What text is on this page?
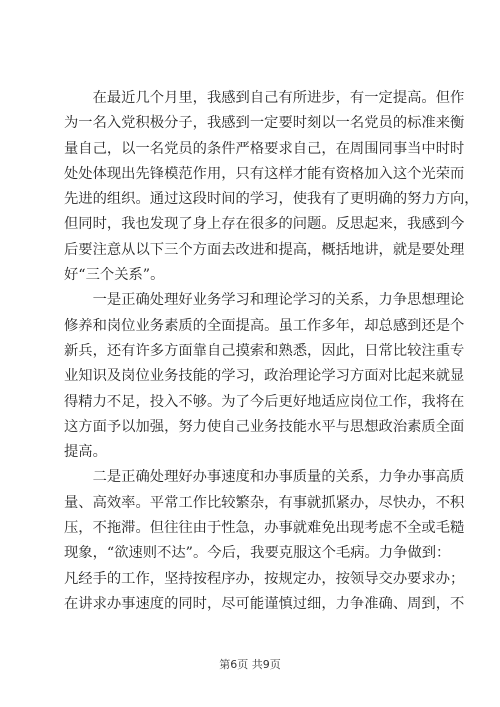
在最近几个月里，我感到自己有所进步，有一定提高。但作
为一名入党积极分子，我感到一定要时刻以一名党员的标准来衡
量自己，以一名党员的条件严格要求自己，在周围同事当中时时
处处体现出先锋模范作用，只有这样才能有资格加入这个光荣而
先进的组织。通过这段时间的学习，使我有了更明确的努力方向，
但同时，我也发现了身上存在很多的问题。反思起来，我感到今
后要注意从以下三个方面去改进和提高，概括地讲，就是要处理
好“三个关系”。
一是正确处理好业务学习和理论学习的关系，力争思想理论
修养和岗位业务素质的全面提高。虽工作多年，却总感到还是个
新兵，还有许多方面靠自己摸索和熟悉，因此，日常比较注重专
业知识及岗位业务技能的学习，政治理论学习方面对比起来就显
得精力不足，投入不够。为了今后更好地适应岗位工作，我将在
这方面予以加强，努力使自己业务技能水平与思想政治素质全面
提高。
二是正确处理好办事速度和办事质量的关系，力争办事高质
量、高效率。平常工作比较繁杂，有事就抓紧办，尽快办，不积
压，不拖滞。但往往由于性急，办事就难免出现考虑不全或毛糙
现象，“欲速则不达”。今后，我要克服这个毛病。力争做到：
凡经手的工作，坚持按程序办，按规定办，按领导交办要求办；
在讲求办事速度的同时，尽可能谨慎过细，力争准确、周到，不
第6页 共9页
